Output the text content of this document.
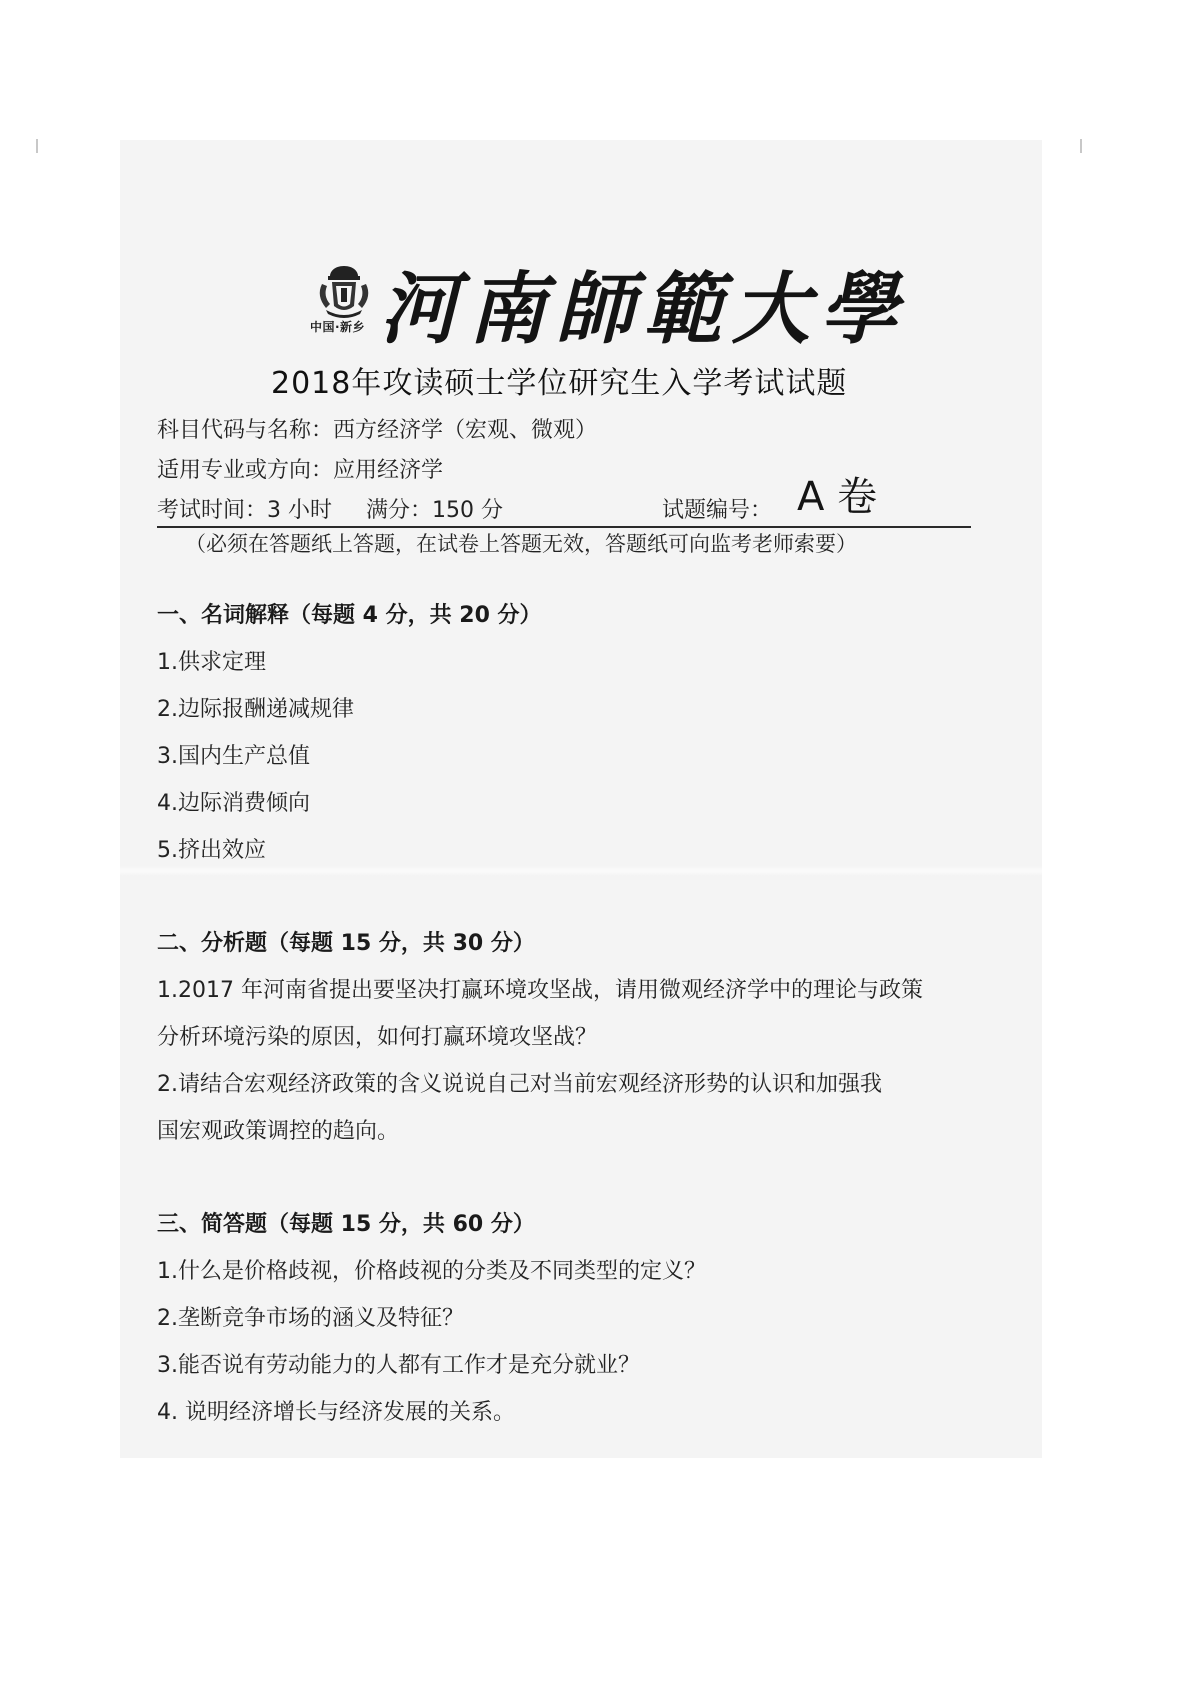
中国·新乡 河南師範大學
2018年攻读硕士学位研究生入学考试试题
科目代码与名称：西方经济学（宏观、微观）
适用专业或方向：应用经济学
考试时间：3 小时 满分：150 分	试题编号： A 卷
（必须在答题纸上答题，在试卷上答题无效，答题纸可向监考老师索要）
一、名词解释（每题 4 分，共 20 分）
1.供求定理
2.边际报酬递减规律
3.国内生产总值
4.边际消费倾向
5.挤出效应
二、分析题（每题 15 分，共 30 分）
1.2017 年河南省提出要坚决打赢环境攻坚战，请用微观经济学中的理论与政策
分析环境污染的原因，如何打赢环境攻坚战？
2.请结合宏观经济政策的含义说说自己对当前宏观经济形势的认识和加强我
国宏观政策调控的趋向。
三、简答题（每题 15 分，共 60 分）
1.什么是价格歧视，价格歧视的分类及不同类型的定义？
2.垄断竞争市场的涵义及特征？
3.能否说有劳动能力的人都有工作才是充分就业？
4. 说明经济增长与经济发展的关系。
